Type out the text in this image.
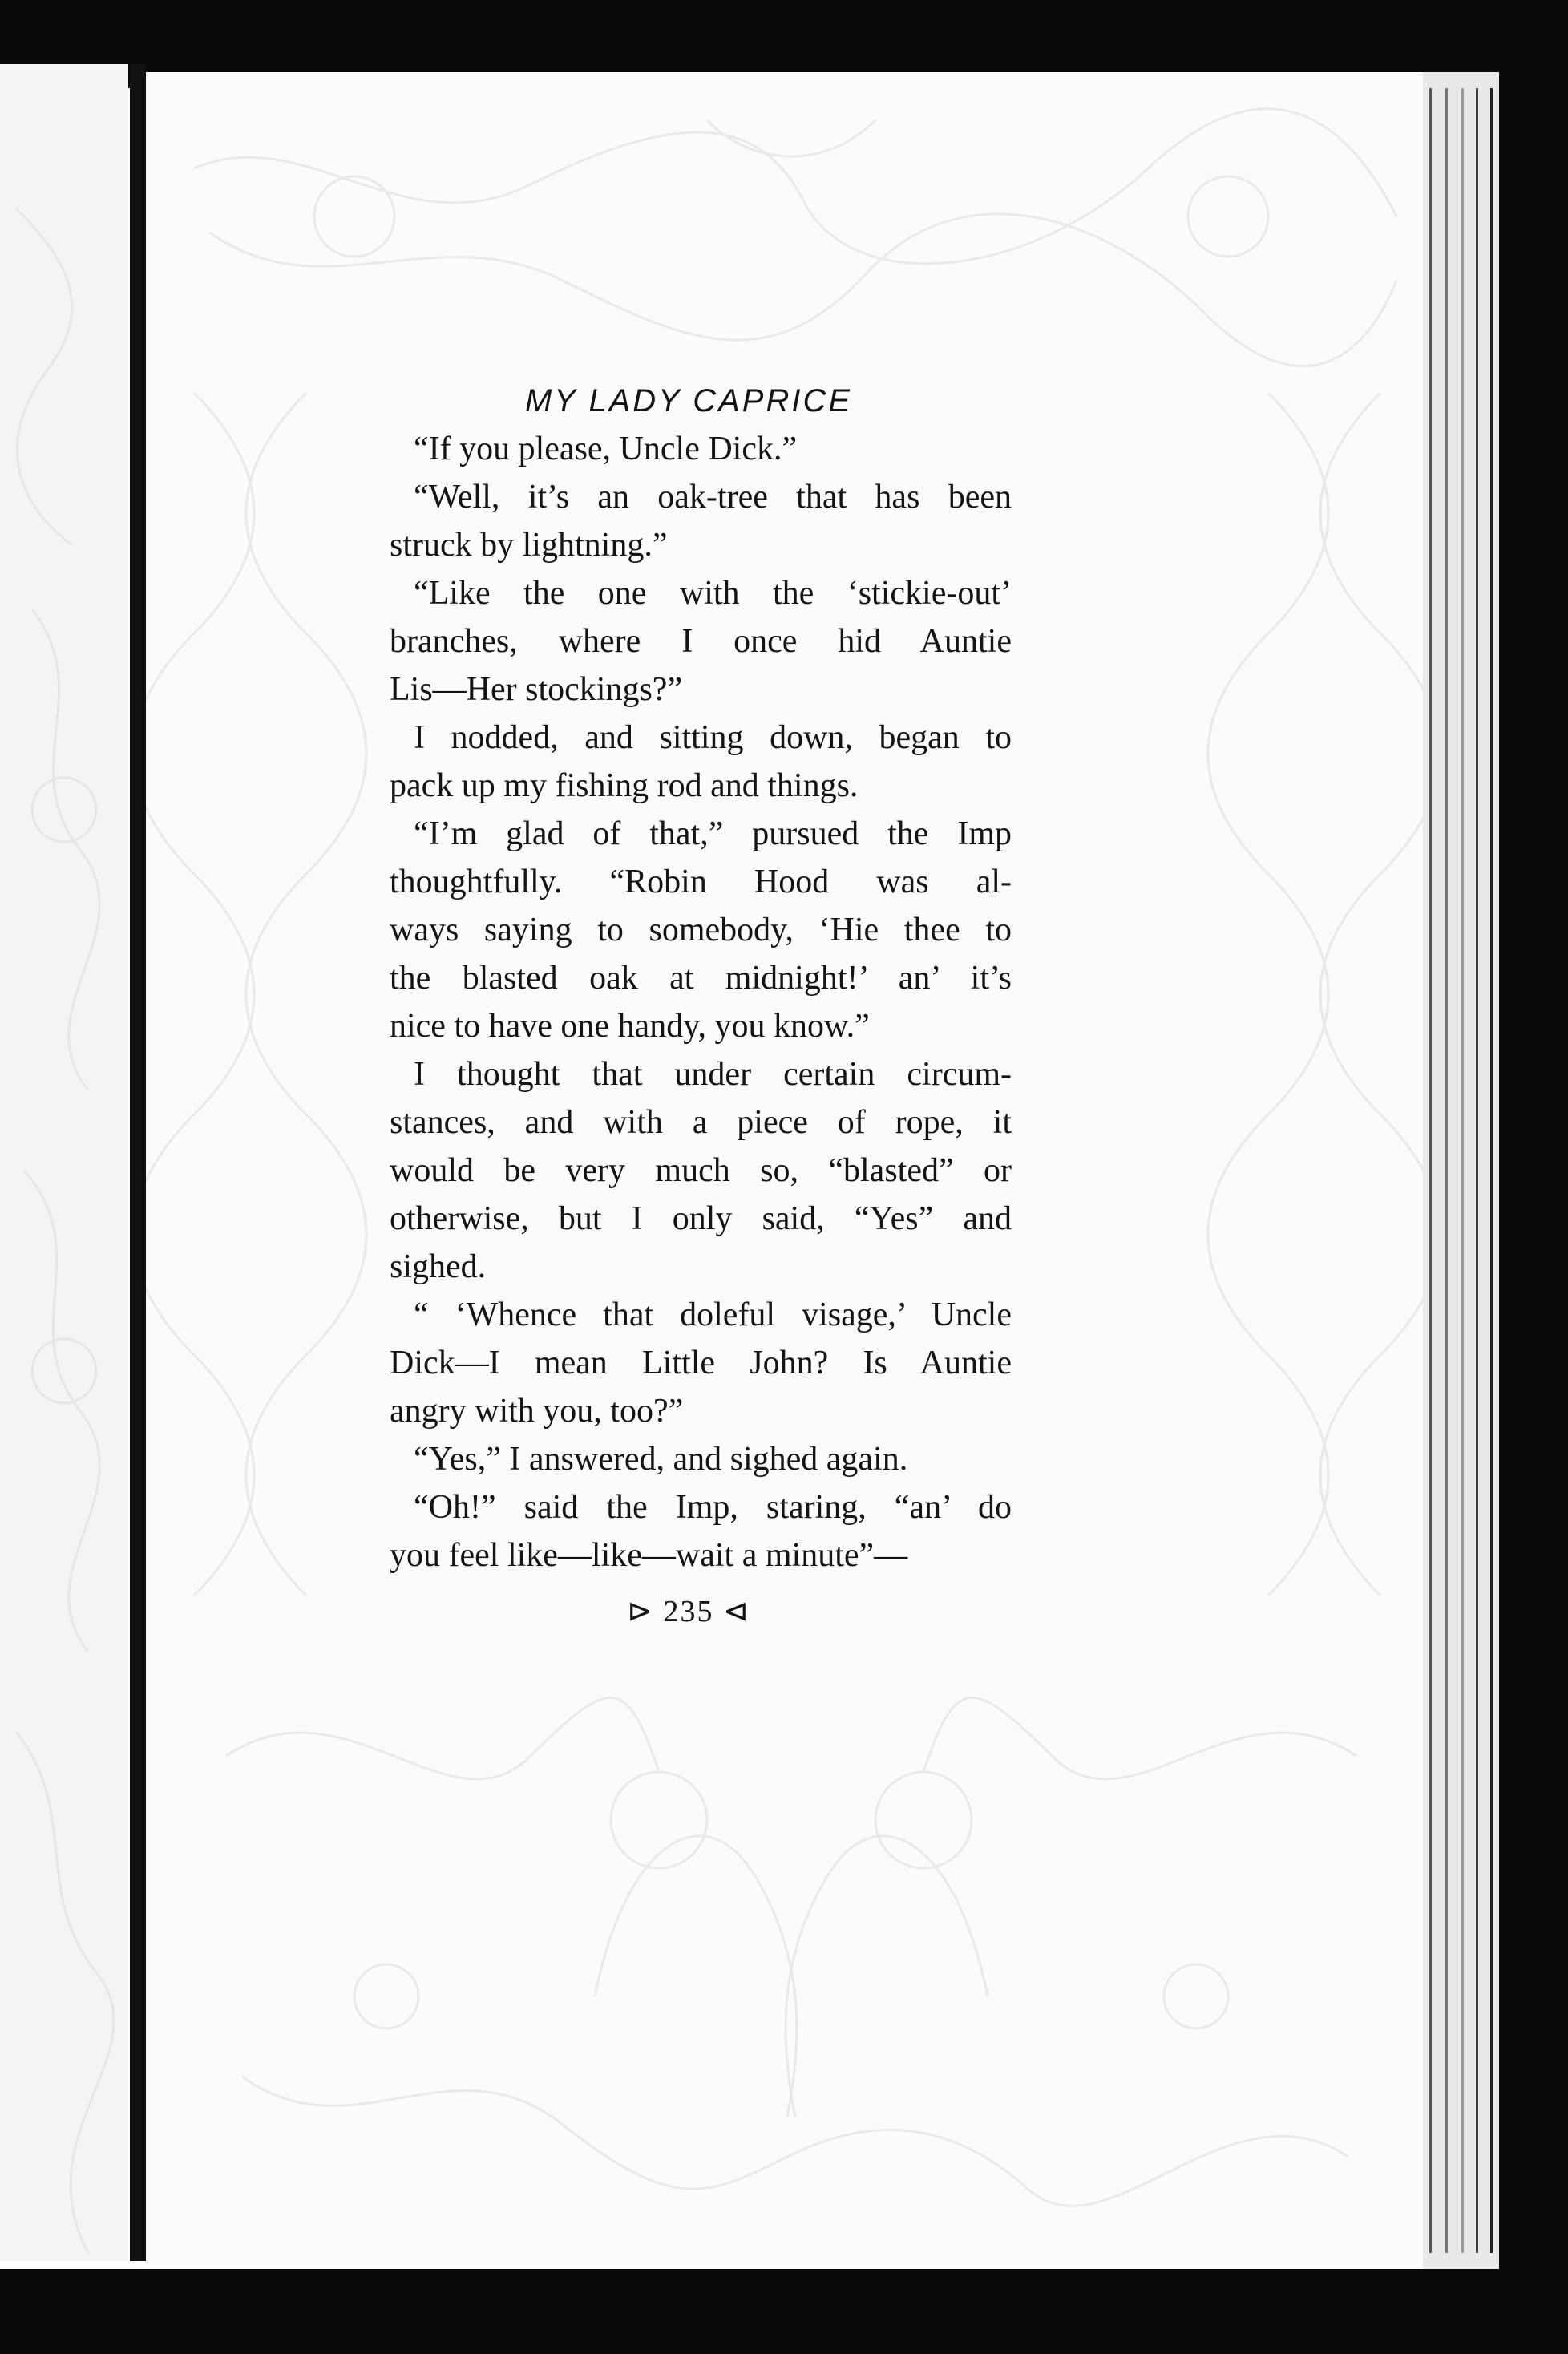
MY LADY CAPRICE
“If you please, Uncle Dick.”
“Well, it’s an oak-tree that has been
struck by lightning.”
“Like the one with the ‘stickie-out’
branches, where I once hid Auntie
Lis—Her stockings?”
I nodded, and sitting down, began to
pack up my fishing rod and things.
“I’m glad of that,” pursued the Imp
thoughtfully. “Robin Hood was al-
ways saying to somebody, ‘Hie thee to
the blasted oak at midnight!’ an’ it’s
nice to have one handy, you know.”
I thought that under certain circum-
stances, and with a piece of rope, it
would be very much so, “blasted” or
otherwise, but I only said, “Yes” and
sighed.
“ ‘Whence that doleful visage,’ Uncle
Dick—I mean Little John? Is Auntie
angry with you, too?”
“Yes,” I answered, and sighed again.
“Oh!” said the Imp, staring, “an’ do
you feel like—like—wait a minute”—
⊳ 235 ⊲
